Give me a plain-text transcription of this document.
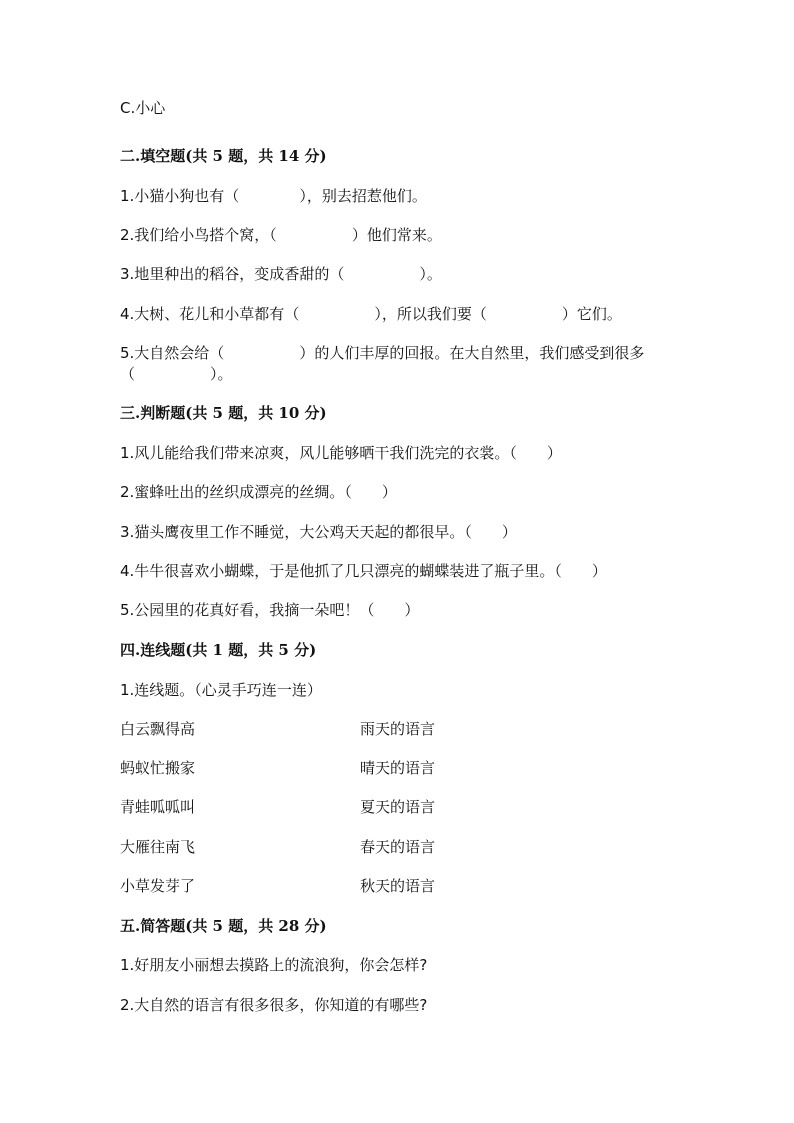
C.小心
二.填空题(共 5 题，共 14 分)
1.小猫小狗也有（　　　　），别去招惹他们。
2.我们给小鸟搭个窝，（　　　　　）他们常来。
3.地里种出的稻谷，变成香甜的（　　　　　）。
4.大树、花儿和小草都有（　　　　　），所以我们要（　　　　　）它们。
5.大自然会给（　　　　　）的人们丰厚的回报。在大自然里，我们感受到很多
（　　　　　）。
三.判断题(共 5 题，共 10 分)
1.风儿能给我们带来凉爽，风儿能够晒干我们洗完的衣裳。（　　）
2.蜜蜂吐出的丝织成漂亮的丝绸。（　　）
3.猫头鹰夜里工作不睡觉，大公鸡天天起的都很早。（　　）
4.牛牛很喜欢小蝴蝶，于是他抓了几只漂亮的蝴蝶装进了瓶子里。（　　）
5.公园里的花真好看，我摘一朵吧！（　　）
四.连线题(共 1 题，共 5 分)
1.连线题。（心灵手巧连一连）
白云飘得高	雨天的语言
蚂蚁忙搬家	晴天的语言
青蛙呱呱叫	夏天的语言
大雁往南飞	春天的语言
小草发芽了	秋天的语言
五.简答题(共 5 题，共 28 分)
1.好朋友小丽想去摸路上的流浪狗，你会怎样?
2.大自然的语言有很多很多，你知道的有哪些?
